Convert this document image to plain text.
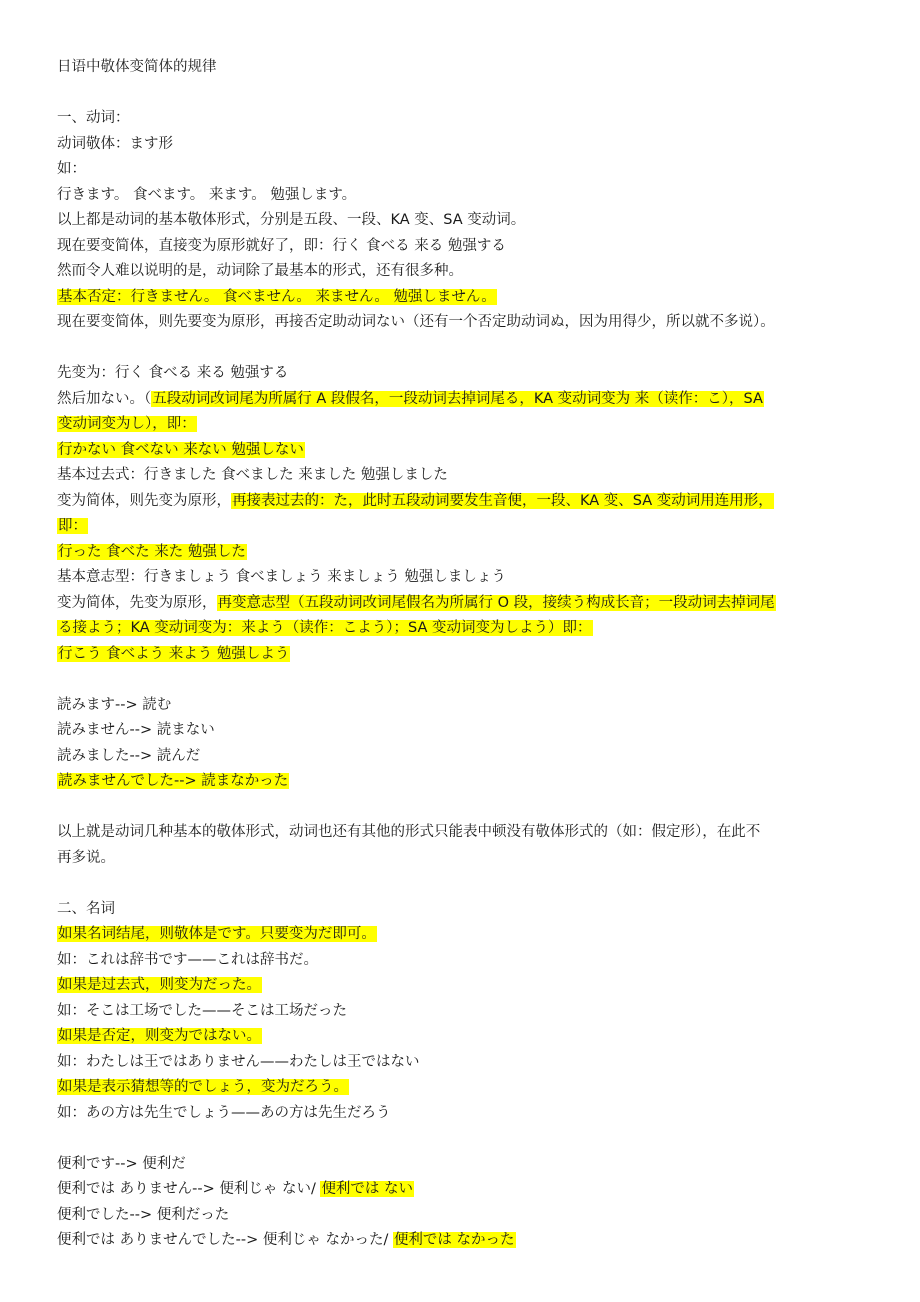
日语中敬体变简体的规律
一、动词：
动词敬体：ます形
如：
行きます。 食べます。 来ます。 勉强します。
以上都是动词的基本敬体形式，分别是五段、一段、KA 变、SA 变动词。
现在要变简体，直接变为原形就好了，即：行く 食べる 来る 勉强する
然而令人难以说明的是，动词除了最基本的形式，还有很多种。
基本否定：行きません。 食べません。 来ません。 勉强しません。
现在要变简体，则先要变为原形，再接否定助动词ない（还有一个否定助动词ぬ，因为用得少，所以就不多说）。
先变为：行く 食べる 来る 勉强する
然后加ない。（五段动词改词尾为所属行 A 段假名，一段动词去掉词尾る，KA 变动词变为 来（读作：こ），SA
变动词变为し），即：
行かない 食べない 来ない 勉强しない
基本过去式：行きました 食べました 来ました 勉强しました
变为简体，则先变为原形，再接表过去的：た，此时五段动词要发生音便，一段、KA 变、SA 变动词用连用形，
即：
行った 食べた 来た 勉强した
基本意志型：行きましょう 食べましょう 来ましょう 勉强しましょう
变为简体，先变为原形，再变意志型（五段动词改词尾假名为所属行 O 段，接续う构成长音；一段动词去掉词尾
る接よう；KA 变动词变为：来よう（读作：こよう）；SA 变动词变为しよう）即：
行こう 食べよう 来よう 勉强しよう
読みます--> 読む
読みません--> 読まない
読みました--> 読んだ
読みませんでした--> 読まなかった
以上就是动词几种基本的敬体形式，动词也还有其他的形式只能表中顿没有敬体形式的（如：假定形），在此不
再多说。
二、名词
如果名词结尾，则敬体是です。只要变为だ即可。
如：これは辞书です——これは辞书だ。
如果是过去式，则变为だった。
如：そこは工场でした——そこは工场だった
如果是否定，则变为ではない。
如：わたしは王ではありません——わたしは王ではない
如果是表示猜想等的でしょう，变为だろう。
如：あの方は先生でしょう——あの方は先生だろう
便利です--> 便利だ
便利では ありません--> 便利じゃ ない/ 便利では ない
便利でした--> 便利だった
便利では ありませんでした--> 便利じゃ なかった/ 便利では なかった
